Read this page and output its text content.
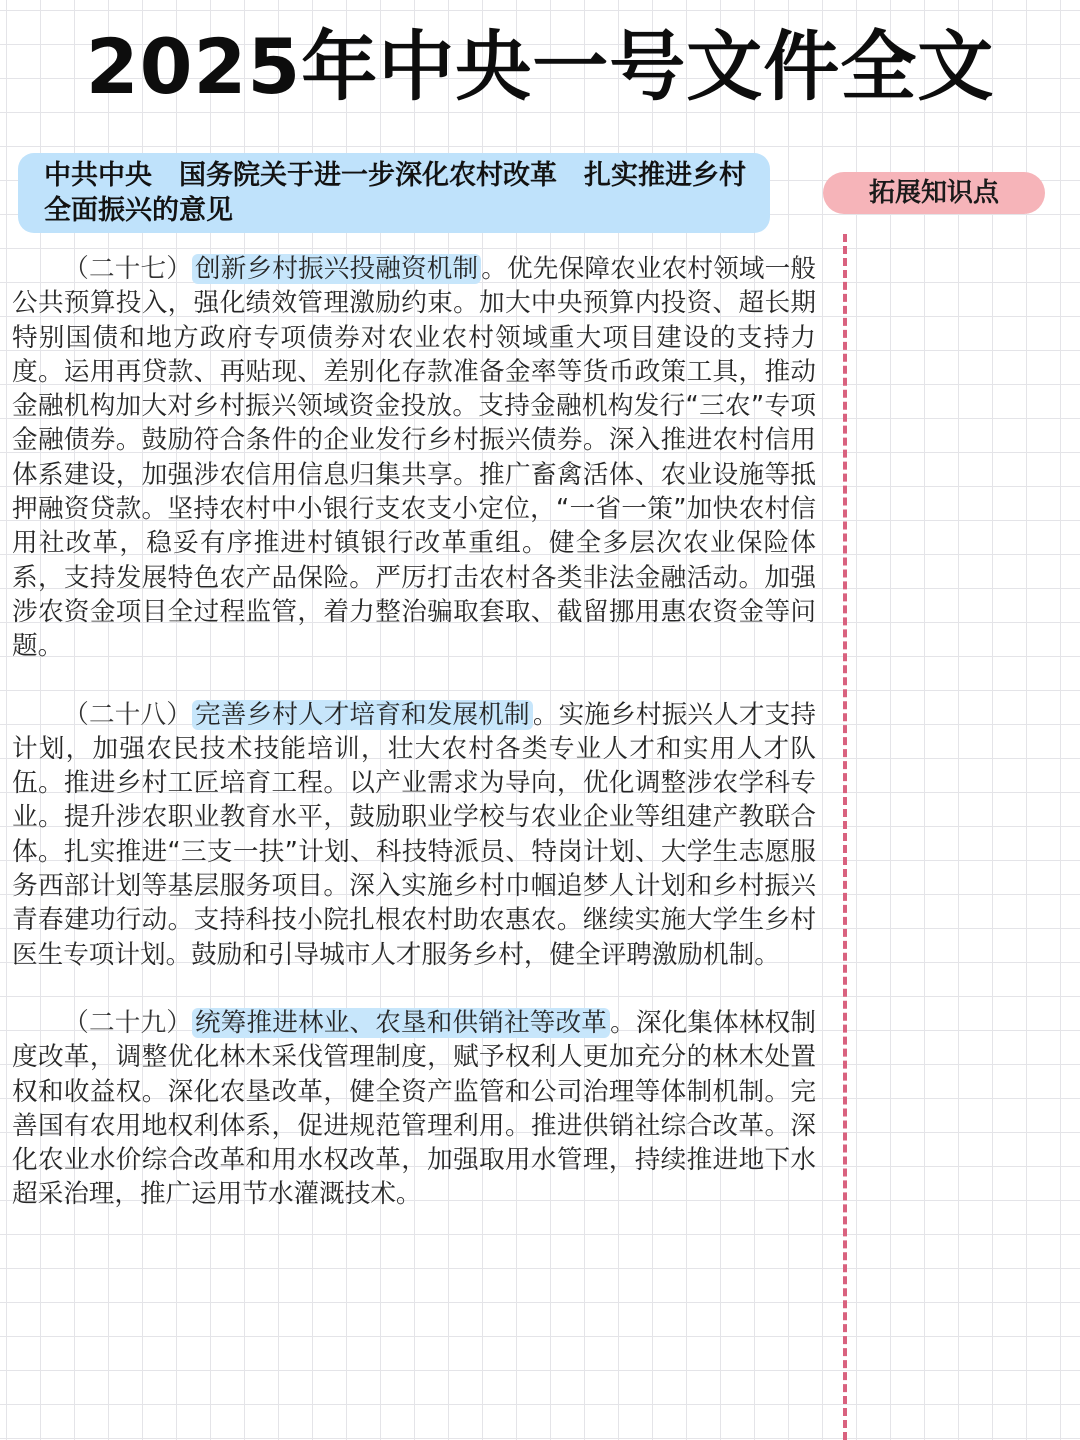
2025年中央一号文件全文
中共中央　国务院关于进一步深化农村改革　扎实推进乡村全面振兴的意见
拓展知识点

（二十七） 创新乡村振兴投融资机制 。优先保障农业农村领域一般公共预算投入，强化绩效管理激励约束。加大中央预算内投资、超长期特别国债和地方政府专项债券对农业农村领域重大项目建设的支持力度。运用再贷款、再贴现、差别化存款准备金率等货币政策工具，推动金融机构加大对乡村振兴领域资金投放。支持金融机构发行“三农”专项金融债券。鼓励符合条件的企业发行乡村振兴债券。深入推进农村信用体系建设，加强涉农信用信息归集共享。推广畜禽活体、农业设施等抵押融资贷款。坚持农村中小银行支农支小定位，“一省一策”加快农村信用社改革，稳妥有序推进村镇银行改革重组。健全多层次农业保险体系，支持发展特色农产品保险。严厉打击农村各类非法金融活动。加强涉农资金项目全过程监管，着力整治骗取套取、截留挪用惠农资金等问题。

（二十八） 完善乡村人才培育和发展机制 。实施乡村振兴人才支持计划，加强农民技术技能培训，壮大农村各类专业人才和实用人才队伍。推进乡村工匠培育工程。以产业需求为导向，优化调整涉农学科专业。提升涉农职业教育水平，鼓励职业学校与农业企业等组建产教联合体。扎实推进“三支一扶”计划、科技特派员、特岗计划、大学生志愿服务西部计划等基层服务项目。深入实施乡村巾帼追梦人计划和乡村振兴青春建功行动。支持科技小院扎根农村助农惠农。继续实施大学生乡村医生专项计划。鼓励和引导城市人才服务乡村，健全评聘激励机制。

（二十九） 统筹推进林业、农垦和供销社等改革 。深化集体林权制度改革，调整优化林木采伐管理制度，赋予权利人更加充分的林木处置权和收益权。深化农垦改革，健全资产监管和公司治理等体制机制。完善国有农用地权利体系，促进规范管理利用。推进供销社综合改革。深化农业水价综合改革和用水权改革，加强取用水管理，持续推进地下水超采治理，推广运用节水灌溉技术。
